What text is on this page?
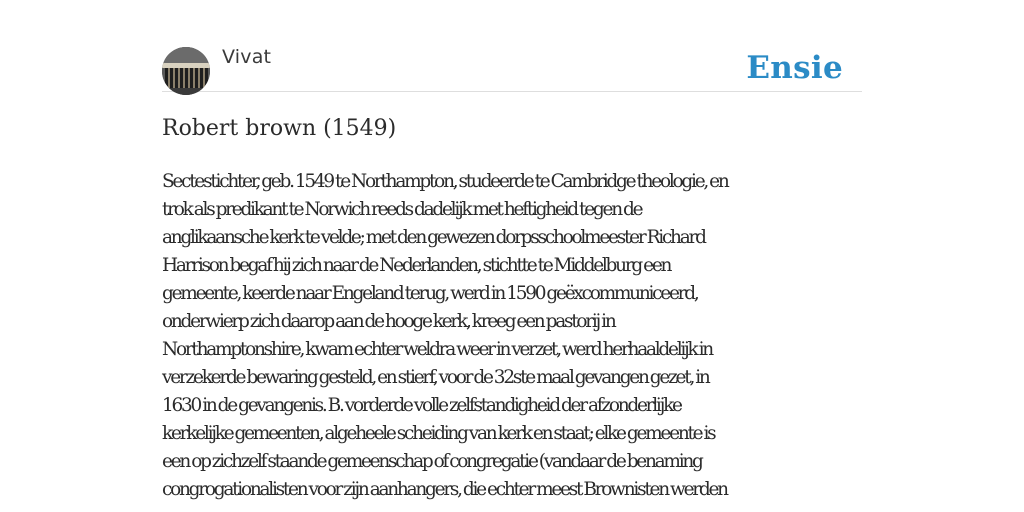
Vivat	Ensie
Robert brown (1549)

Sectestichter, geb. 1549 te Northampton, studeerde te Cambridge theologie, en
trok als predikant te Norwich reeds dadelijk met heftigheid tegen de
anglikaansche kerk te velde; met den gewezen dorpsschoolmeester Richard
Harrison begaf hij zich naar de Nederlanden, stichtte te Middelburg een
gemeente, keerde naar Engeland terug, werd in 1590 geëxcommuniceerd,
onderwierp zich daarop aan de hooge kerk, kreeg een pastorij in
Northamptonshire, kwam echter weldra weer in verzet, werd herhaaldelijk in
verzekerde bewaring gesteld, en stierf, voor de 32ste maal gevangen gezet, in
1630 in de gevangenis. B. vorderde volle zelfstandigheid der afzonderlijke
kerkelijke gemeenten, algeheele scheiding van kerk en staat; elke gemeente is
een op zichzelf staande gemeenschap of congregatie (vandaar de benaming
congrogationalisten voor zijn aanhangers, die echter meest Brownisten werden
